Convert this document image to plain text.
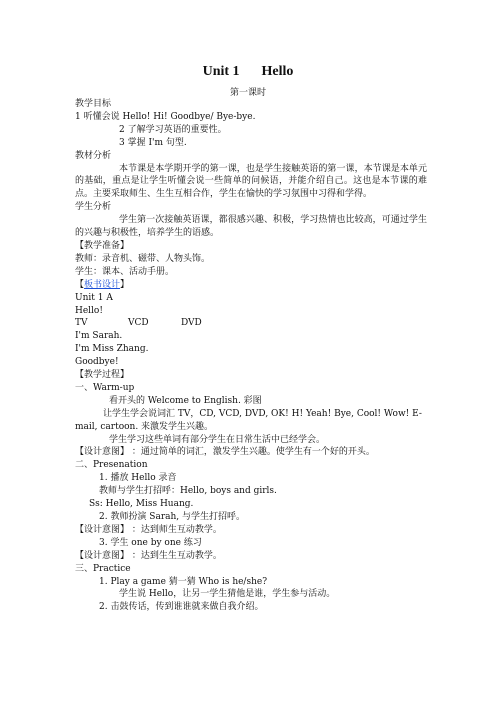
Unit 1 Hello
第一课时
教学目标
1 听懂会说 Hello! Hi! Goodbye/ Bye-bye.
2 了解学习英语的重要性。
3 掌握 I'm 句型.
教材分析
本节课是本学期开学的第一课，也是学生接触英语的第一课，本节课是本单元的基础，重点是让学生听懂会说一些简单的问候语，并能介绍自己。这也是本节课的难点。主要采取师生、生生互相合作，学生在愉快的学习氛围中习得和学得。
学生分析
学生第一次接触英语课，都很感兴趣、积极，学习热情也比较高，可通过学生的兴趣与积极性，培养学生的语感。
【教学准备】
教师：录音机、磁带、人物头饰。
学生：课本、活动手册。
【板书设计】
Unit 1 A
Hello!
TV	VCD	DVD
I'm Sarah.
I'm Miss Zhang.
Goodbye!
【教学过程】
一、Warm-up
看开头的 Welcome to English. 彩图
让学生学会说词汇 TV，CD, VCD, DVD, OK! H! Yeah! Bye, Cool! Wow! E-mail, cartoon. 来激发学生兴趣。
学生学习这些单词有部分学生在日常生活中已经学会。
【设计意图】 ：通过简单的词汇，激发学生兴趣。使学生有一个好的开头。
二、Presenation
1. 播放 Hello 录音
教师与学生打招呼：Hello, boys and girls.
Ss: Hello, Miss Huang.
2. 教师扮演 Sarah, 与学生打招呼。
【设计意图】 ：达到师生互动教学。
3. 学生 one by one 练习
【设计意图】 ：达到生生互动教学。
三、Practice
1. Play a game 猜一猜 Who is he/she?
学生说 Hello，让另一学生猜他是谁，学生参与活动。
2. 击鼓传话，传到谁谁就来做自我介绍。
